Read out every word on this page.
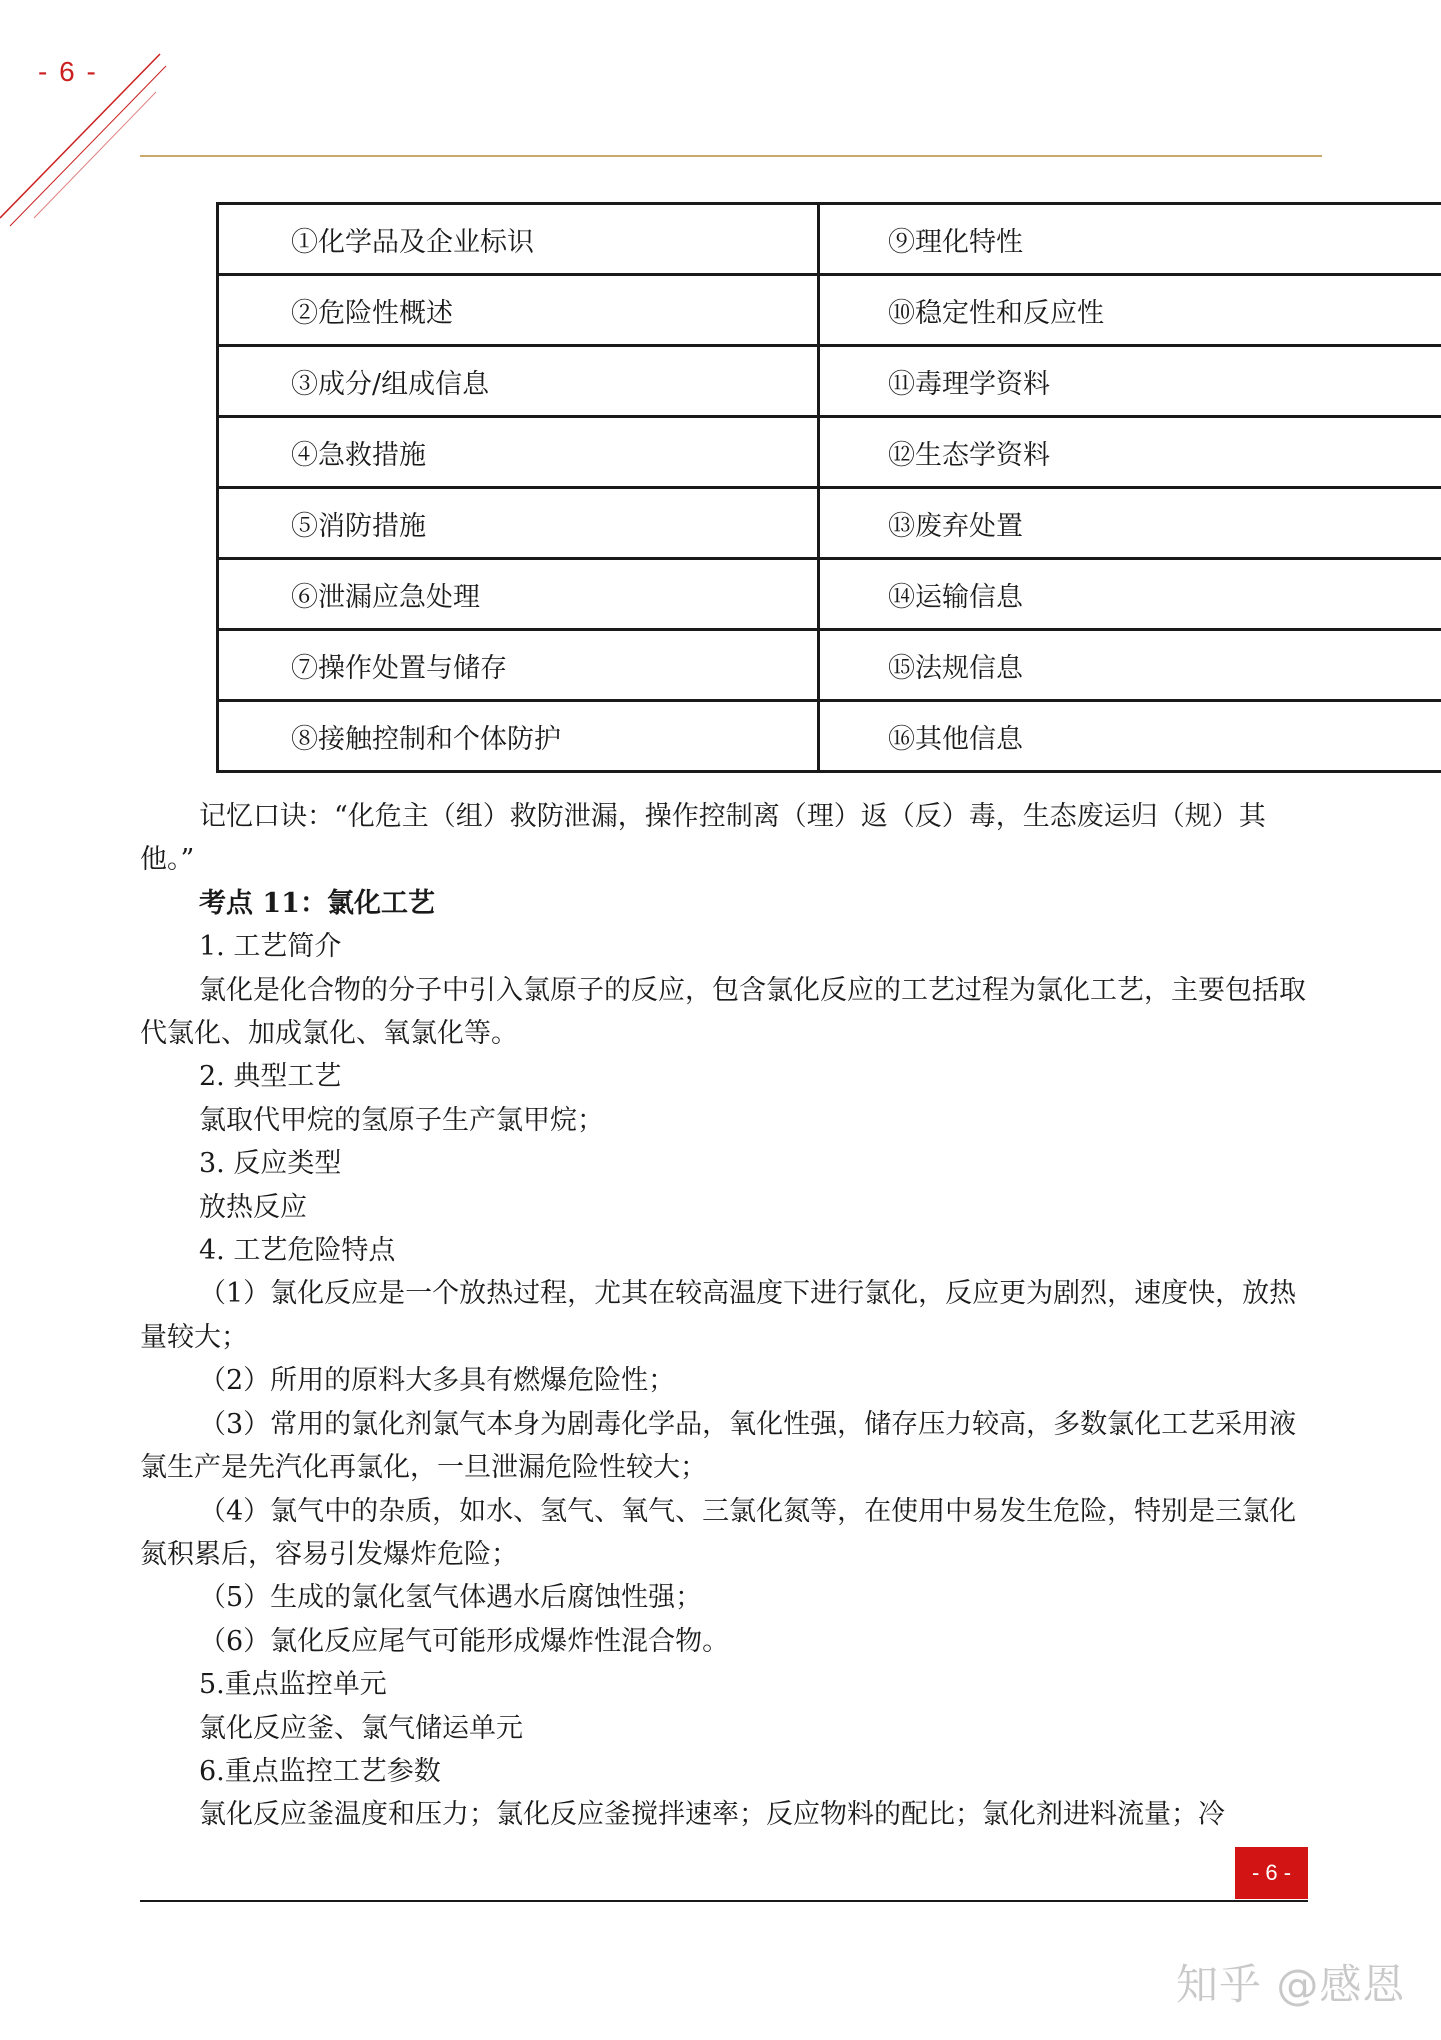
- 6 -
①化学品及企业标识	⑨理化特性
②危险性概述	⑩稳定性和反应性
③成分/组成信息	⑪毒理学资料
④急救措施	⑫生态学资料
⑤消防措施	⑬废弃处置
⑥泄漏应急处理	⑭运输信息
⑦操作处置与储存	⑮法规信息
⑧接触控制和个体防护	⑯其他信息

记忆口诀：“化危主（组）救防泄漏，操作控制离（理）返（反）毒，生态废运归（规）其他。”

考点 11：氯化工艺

1. 工艺简介

氯化是化合物的分子中引入氯原子的反应，包含氯化反应的工艺过程为氯化工艺，主要包括取代氯化、加成氯化、氧氯化等。

2. 典型工艺

氯取代甲烷的氢原子生产氯甲烷；

3. 反应类型

放热反应

4. 工艺危险特点

（1）氯化反应是一个放热过程，尤其在较高温度下进行氯化，反应更为剧烈，速度快，放热量较大；

（2）所用的原料大多具有燃爆危险性；

（3）常用的氯化剂氯气本身为剧毒化学品，氧化性强，储存压力较高，多数氯化工艺采用液氯生产是先汽化再氯化，一旦泄漏危险性较大；

（4）氯气中的杂质，如水、氢气、氧气、三氯化氮等，在使用中易发生危险，特别是三氯化氮积累后，容易引发爆炸危险；

（5）生成的氯化氢气体遇水后腐蚀性强；

（6）氯化反应尾气可能形成爆炸性混合物。

5.重点监控单元

氯化反应釜、氯气储运单元

6.重点监控工艺参数

氯化反应釜温度和压力；氯化反应釜搅拌速率；反应物料的配比；氯化剂进料流量；冷

- 6 -
知乎 @感恩
